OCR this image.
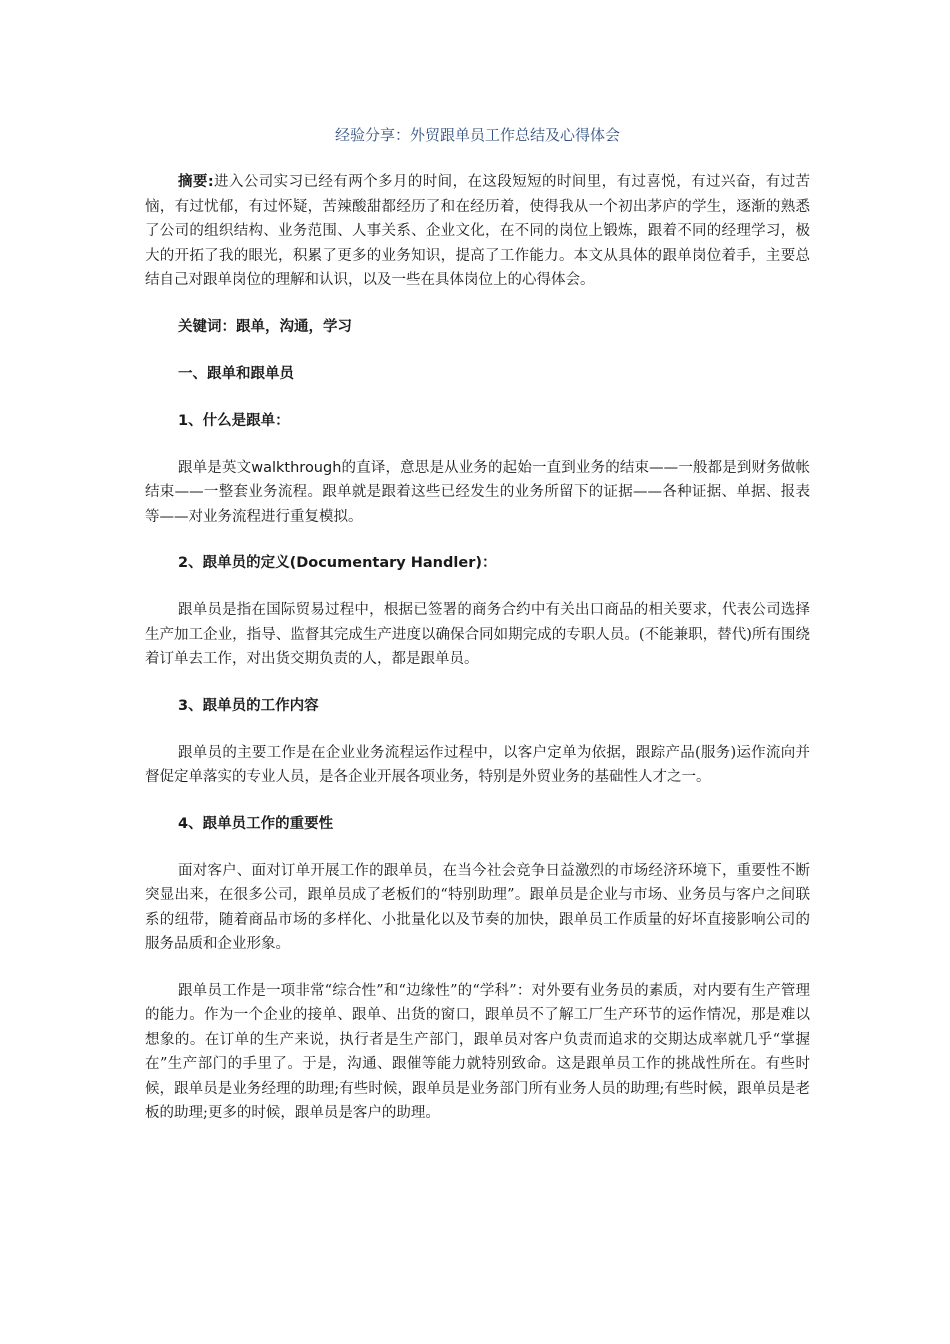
经验分享：外贸跟单员工作总结及心得体会

摘要:进入公司实习已经有两个多月的时间，在这段短短的时间里，有过喜悦，有过兴奋，有过苦恼，有过忧郁，有过怀疑，苦辣酸甜都经历了和在经历着，使得我从一个初出茅庐的学生，逐渐的熟悉了公司的组织结构、业务范围、人事关系、企业文化，在不同的岗位上锻炼，跟着不同的经理学习，极大的开拓了我的眼光，积累了更多的业务知识，提高了工作能力。本文从具体的跟单岗位着手，主要总结自己对跟单岗位的理解和认识，以及一些在具体岗位上的心得体会。

关键词：跟单，沟通，学习

一、跟单和跟单员

1、什么是跟单：

跟单是英文walkthrough的直译，意思是从业务的起始一直到业务的结束——一般都是到财务做帐结束——一整套业务流程。跟单就是跟着这些已经发生的业务所留下的证据——各种证据、单据、报表等——对业务流程进行重复模拟。

2、跟单员的定义(Documentary Handler)：

跟单员是指在国际贸易过程中，根据已签署的商务合约中有关出口商品的相关要求，代表公司选择生产加工企业，指导、监督其完成生产进度以确保合同如期完成的专职人员。(不能兼职，替代)所有围绕着订单去工作，对出货交期负责的人，都是跟单员。

3、跟单员的工作内容

跟单员的主要工作是在企业业务流程运作过程中，以客户定单为依据，跟踪产品(服务)运作流向并督促定单落实的专业人员，是各企业开展各项业务，特别是外贸业务的基础性人才之一。

4、跟单员工作的重要性

面对客户、面对订单开展工作的跟单员，在当今社会竞争日益激烈的市场经济环境下，重要性不断突显出来，在很多公司，跟单员成了老板们的“特别助理”。跟单员是企业与市场、业务员与客户之间联系的纽带，随着商品市场的多样化、小批量化以及节奏的加快，跟单员工作质量的好坏直接影响公司的服务品质和企业形象。

跟单员工作是一项非常“综合性”和“边缘性”的“学科”：对外要有业务员的素质，对内要有生产管理的能力。作为一个企业的接单、跟单、出货的窗口，跟单员不了解工厂生产环节的运作情况，那是难以想象的。在订单的生产来说，执行者是生产部门，跟单员对客户负责而追求的交期达成率就几乎“掌握在”生产部门的手里了。于是，沟通、跟催等能力就特别致命。这是跟单员工作的挑战性所在。有些时候，跟单员是业务经理的助理;有些时候，跟单员是业务部门所有业务人员的助理;有些时候，跟单员是老板的助理;更多的时候，跟单员是客户的助理。
